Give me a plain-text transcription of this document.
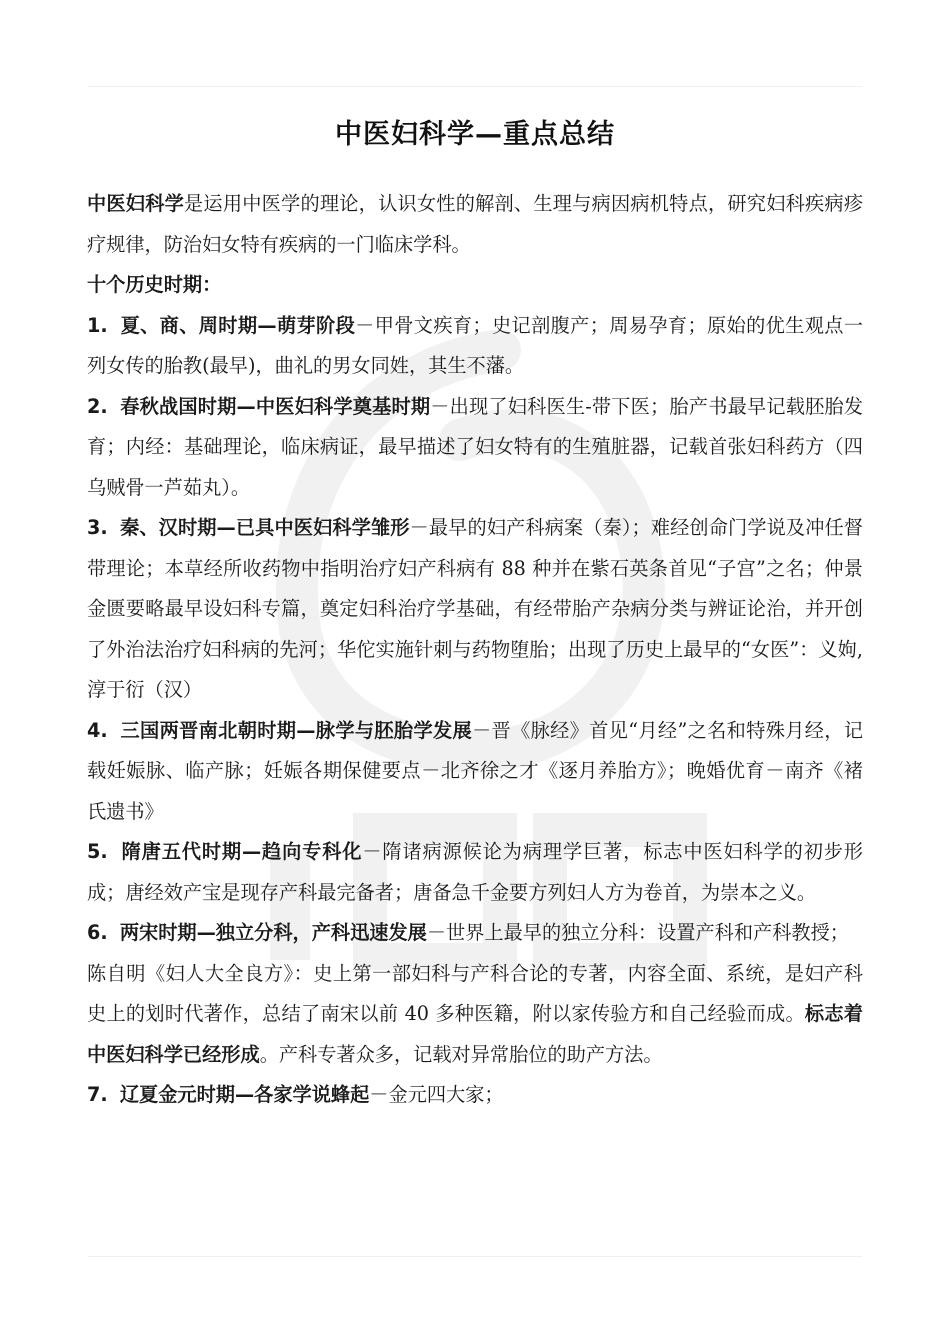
中医妇科学—重点总结

中医妇科学是运用中医学的理论，认识女性的解剖、生理与病因病机特点，研究妇科疾病疹疗规律，防治妇女特有疾病的一门临床学科。

十个历史时期：

1. 夏、商、周时期—萌芽阶段－甲骨文疾育；史记剖腹产；周易孕育；原始的优生观点一列女传的胎教(最早)，曲礼的男女同姓，其生不藩。

2. 春秋战国时期—中医妇科学奠基时期－出现了妇科医生-带下医；胎产书最早记载胚胎发育；内经：基础理论，临床病证，最早描述了妇女特有的生殖脏器，记载首张妇科药方（四乌贼骨一芦茹丸）。

3. 秦、汉时期—已具中医妇科学雏形－最早的妇产科病案（秦）；难经创命门学说及冲任督带理论；本草经所收药物中指明治疗妇产科病有 88 种并在紫石英条首见“子宫”之名；仲景金匮要略最早设妇科专篇，奠定妇科治疗学基础，有经带胎产杂病分类与辨证论治，并开创了外治法治疗妇科病的先河；华佗实施针刺与药物堕胎；出现了历史上最早的“女医”：义姁,淳于衍（汉）

4. 三国两晋南北朝时期—脉学与胚胎学发展－晋《脉经》首见“月经”之名和特殊月经，记载妊娠脉、临产脉；妊娠各期保健要点－北齐徐之才《逐月养胎方》；晚婚优育－南齐《褚氏遗书》

5. 隋唐五代时期—趋向专科化－隋诸病源候论为病理学巨著，标志中医妇科学的初步形成；唐经效产宝是现存产科最完备者；唐备急千金要方列妇人方为卷首，为崇本之义。

6. 两宋时期—独立分科，产科迅速发展－世界上最早的独立分科：设置产科和产科教授；

陈自明《妇人大全良方》：史上第一部妇科与产科合论的专著，内容全面、系统，是妇产科史上的划时代著作，总结了南宋以前 40 多种医籍，附以家传验方和自己经验而成。标志着中医妇科学已经形成。产科专著众多，记载对异常胎位的助产方法。

7. 辽夏金元时期—各家学说蜂起－金元四大家；
